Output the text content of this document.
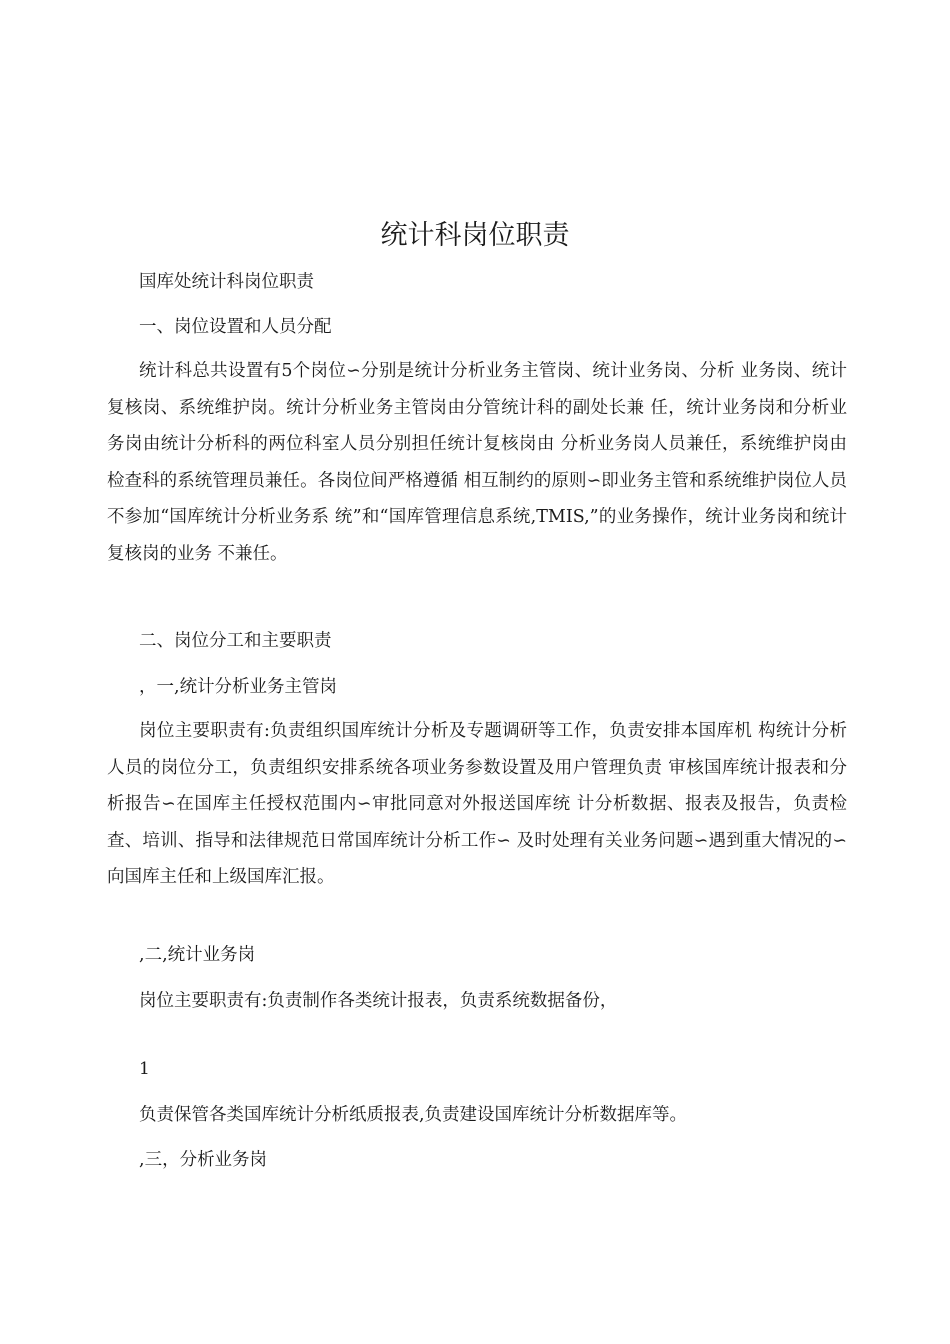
统计科岗位职责

国库处统计科岗位职责

一、岗位设置和人员分配

统计科总共设置有5个岗位∽分别是统计分析业务主管岗、统计业务岗、分析 业务岗、统计复核岗、系统维护岗。统计分析业务主管岗由分管统计科的副处长兼 任，统计业务岗和分析业务岗由统计分析科的两位科室人员分别担任统计复核岗由 分析业务岗人员兼任，系统维护岗由检查科的系统管理员兼任。各岗位间严格遵循 相互制约的原则∽即业务主管和系统维护岗位人员不参加“国库统计分析业务系 统”和“国库管理信息系统,TMIS,”的业务操作，统计业务岗和统计复核岗的业务 不兼任。

二、岗位分工和主要职责

，一,统计分析业务主管岗

岗位主要职责有:负责组织国库统计分析及专题调研等工作，负责安排本国库机 构统计分析人员的岗位分工，负责组织安排系统各项业务参数设置及用户管理负责 审核国库统计报表和分析报告∽在国库主任授权范围内∽审批同意对外报送国库统 计分析数据、报表及报告，负责检查、培训、指导和法律规范日常国库统计分析工作∽ 及时处理有关业务问题∽遇到重大情况的∽向国库主任和上级国库汇报。

,二,统计业务岗

岗位主要职责有:负责制作各类统计报表，负责系统数据备份，

1

负责保管各类国库统计分析纸质报表,负责建设国库统计分析数据库等。

,三，分析业务岗
